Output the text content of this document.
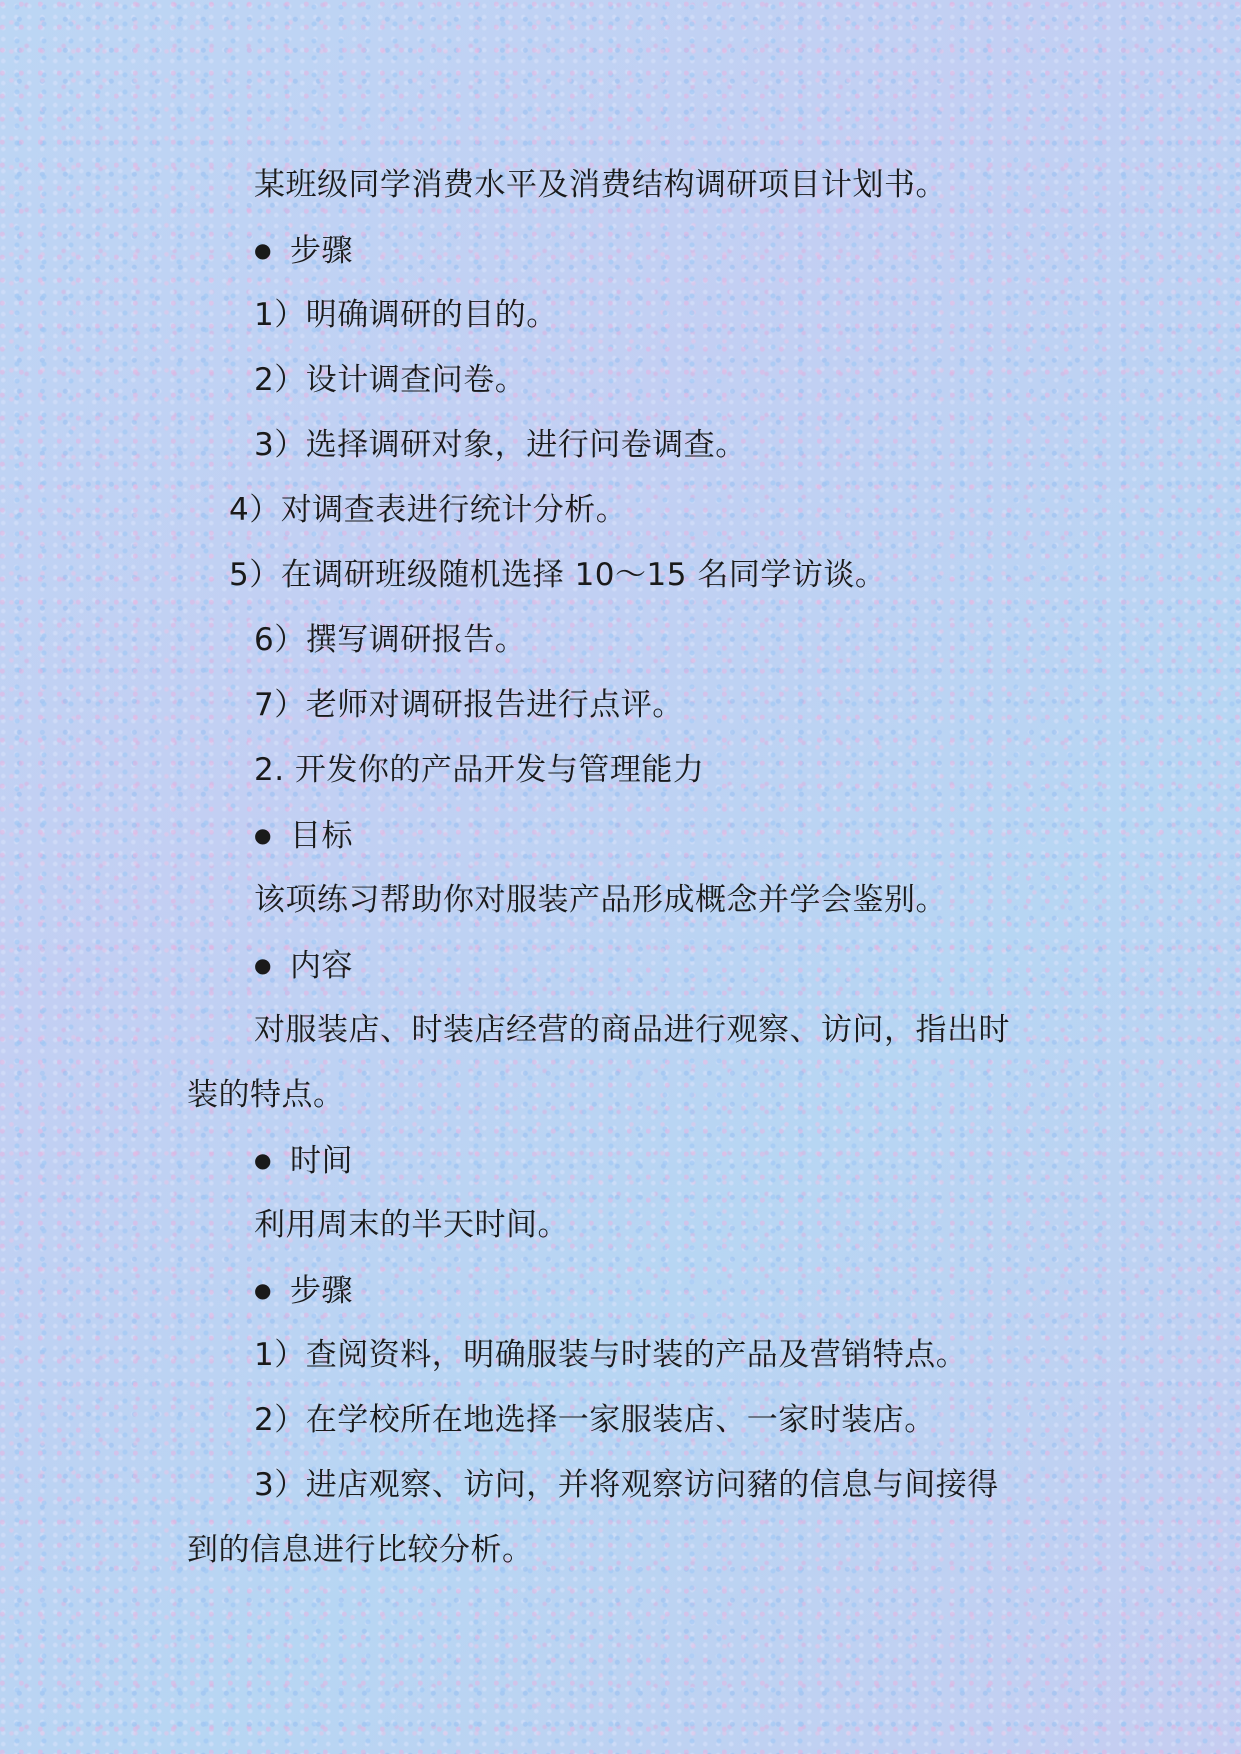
某班级同学消费水平及消费结构调研项目计划书。
● 步骤
1）明确调研的目的。
2）设计调查问卷。
3）选择调研对象，进行问卷调查。
4）对调查表进行统计分析。
5）在调研班级随机选择 10～15 名同学访谈。
6）撰写调研报告。
7）老师对调研报告进行点评。
2. 开发你的产品开发与管理能力
● 目标
该项练习帮助你对服装产品形成概念并学会鉴别。
● 内容
对服装店、时装店经营的商品进行观察、访问，指出时
装的特点。
● 时间
利用周末的半天时间。
● 步骤
1）查阅资料，明确服装与时装的产品及营销特点。
2）在学校所在地选择一家服装店、一家时装店。
3）进店观察、访问，并将观察访问豬的信息与间接得
到的信息进行比较分析。
